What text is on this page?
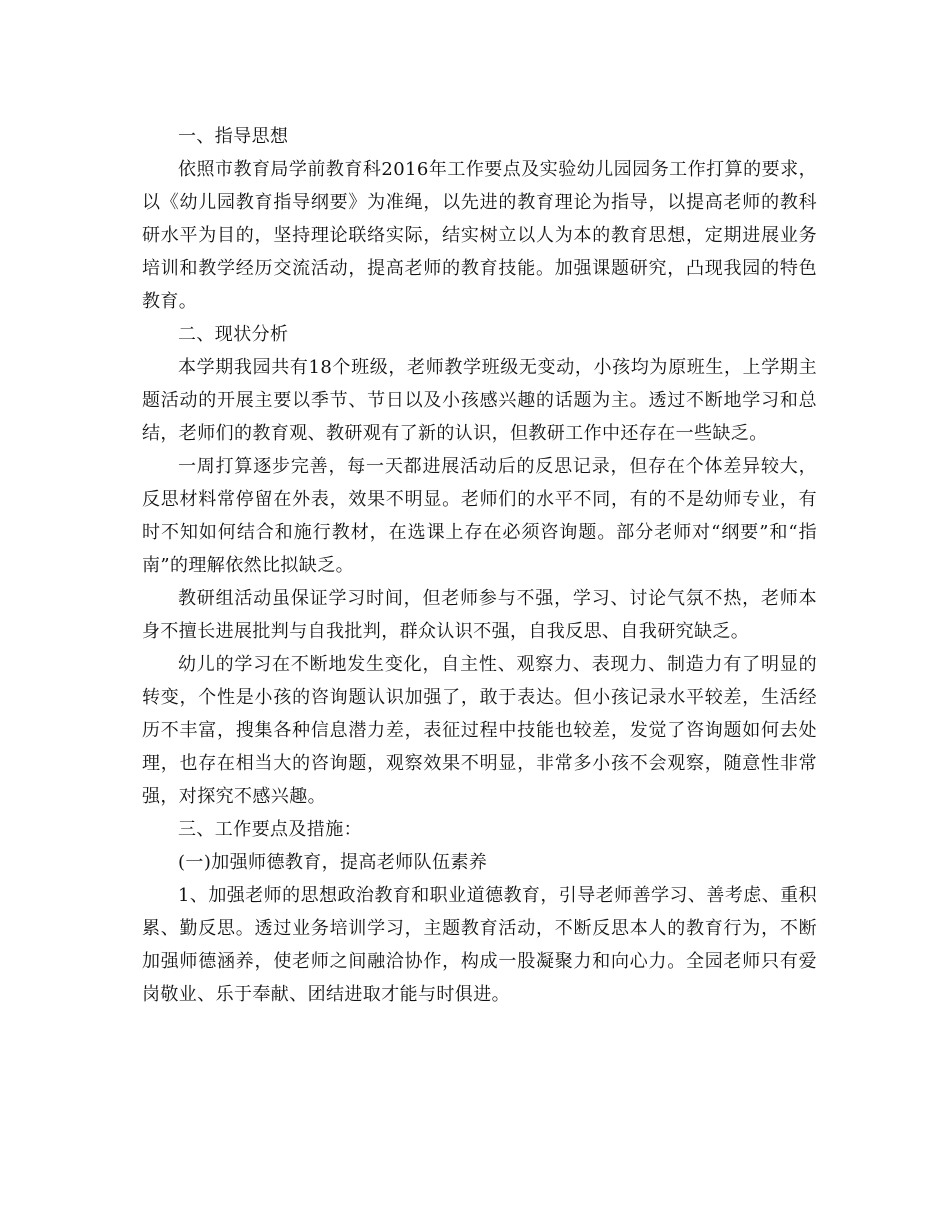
一、指导思想

依照市教育局学前教育科2016年工作要点及实验幼儿园园务工作打算的要求，以《幼儿园教育指导纲要》为准绳，以先进的教育理论为指导，以提高老师的教科研水平为目的，坚持理论联络实际，结实树立以人为本的教育思想，定期进展业务培训和教学经历交流活动，提高老师的教育技能。加强课题研究，凸现我园的特色教育。

二、现状分析

本学期我园共有18个班级，老师教学班级无变动，小孩均为原班生，上学期主题活动的开展主要以季节、节日以及小孩感兴趣的话题为主。透过不断地学习和总结，老师们的教育观、教研观有了新的认识，但教研工作中还存在一些缺乏。

一周打算逐步完善，每一天都进展活动后的反思记录，但存在个体差异较大，反思材料常停留在外表，效果不明显。老师们的水平不同，有的不是幼师专业，有时不知如何结合和施行教材，在选课上存在必须咨询题。部分老师对“纲要”和“指南”的理解依然比拟缺乏。

教研组活动虽保证学习时间，但老师参与不强，学习、讨论气氛不热，老师本身不擅长进展批判与自我批判，群众认识不强，自我反思、自我研究缺乏。

幼儿的学习在不断地发生变化，自主性、观察力、表现力、制造力有了明显的转变，个性是小孩的咨询题认识加强了，敢于表达。但小孩记录水平较差，生活经历不丰富，搜集各种信息潜力差，表征过程中技能也较差，发觉了咨询题如何去处理，也存在相当大的咨询题，观察效果不明显，非常多小孩不会观察，随意性非常强，对探究不感兴趣。

三、工作要点及措施：

(一)加强师德教育，提高老师队伍素养

1、加强老师的思想政治教育和职业道德教育，引导老师善学习、善考虑、重积累、勤反思。透过业务培训学习，主题教育活动，不断反思本人的教育行为，不断加强师德涵养，使老师之间融洽协作，构成一股凝聚力和向心力。全园老师只有爱岗敬业、乐于奉献、团结进取才能与时俱进。
